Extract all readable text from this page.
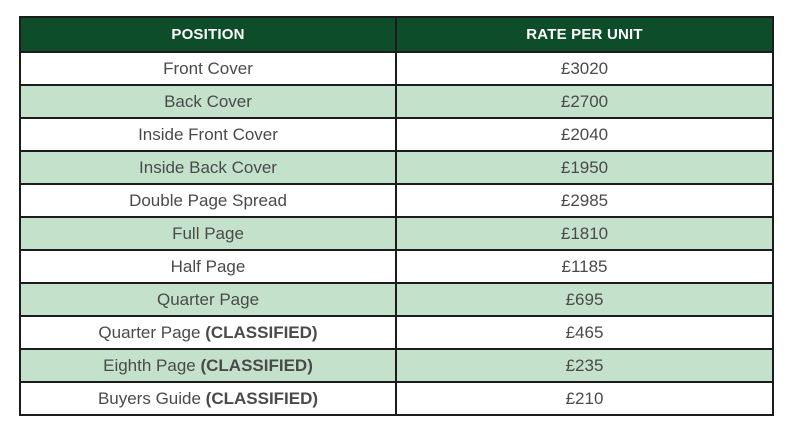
POSITION	RATE PER UNIT
Front Cover	£3020
Back Cover	£2700
Inside Front Cover	£2040
Inside Back Cover	£1950
Double Page Spread	£2985
Full Page	£1810
Half Page	£1185
Quarter Page	£695
Quarter Page (CLASSIFIED)	£465
Eighth Page (CLASSIFIED)	£235
Buyers Guide (CLASSIFIED)	£210
